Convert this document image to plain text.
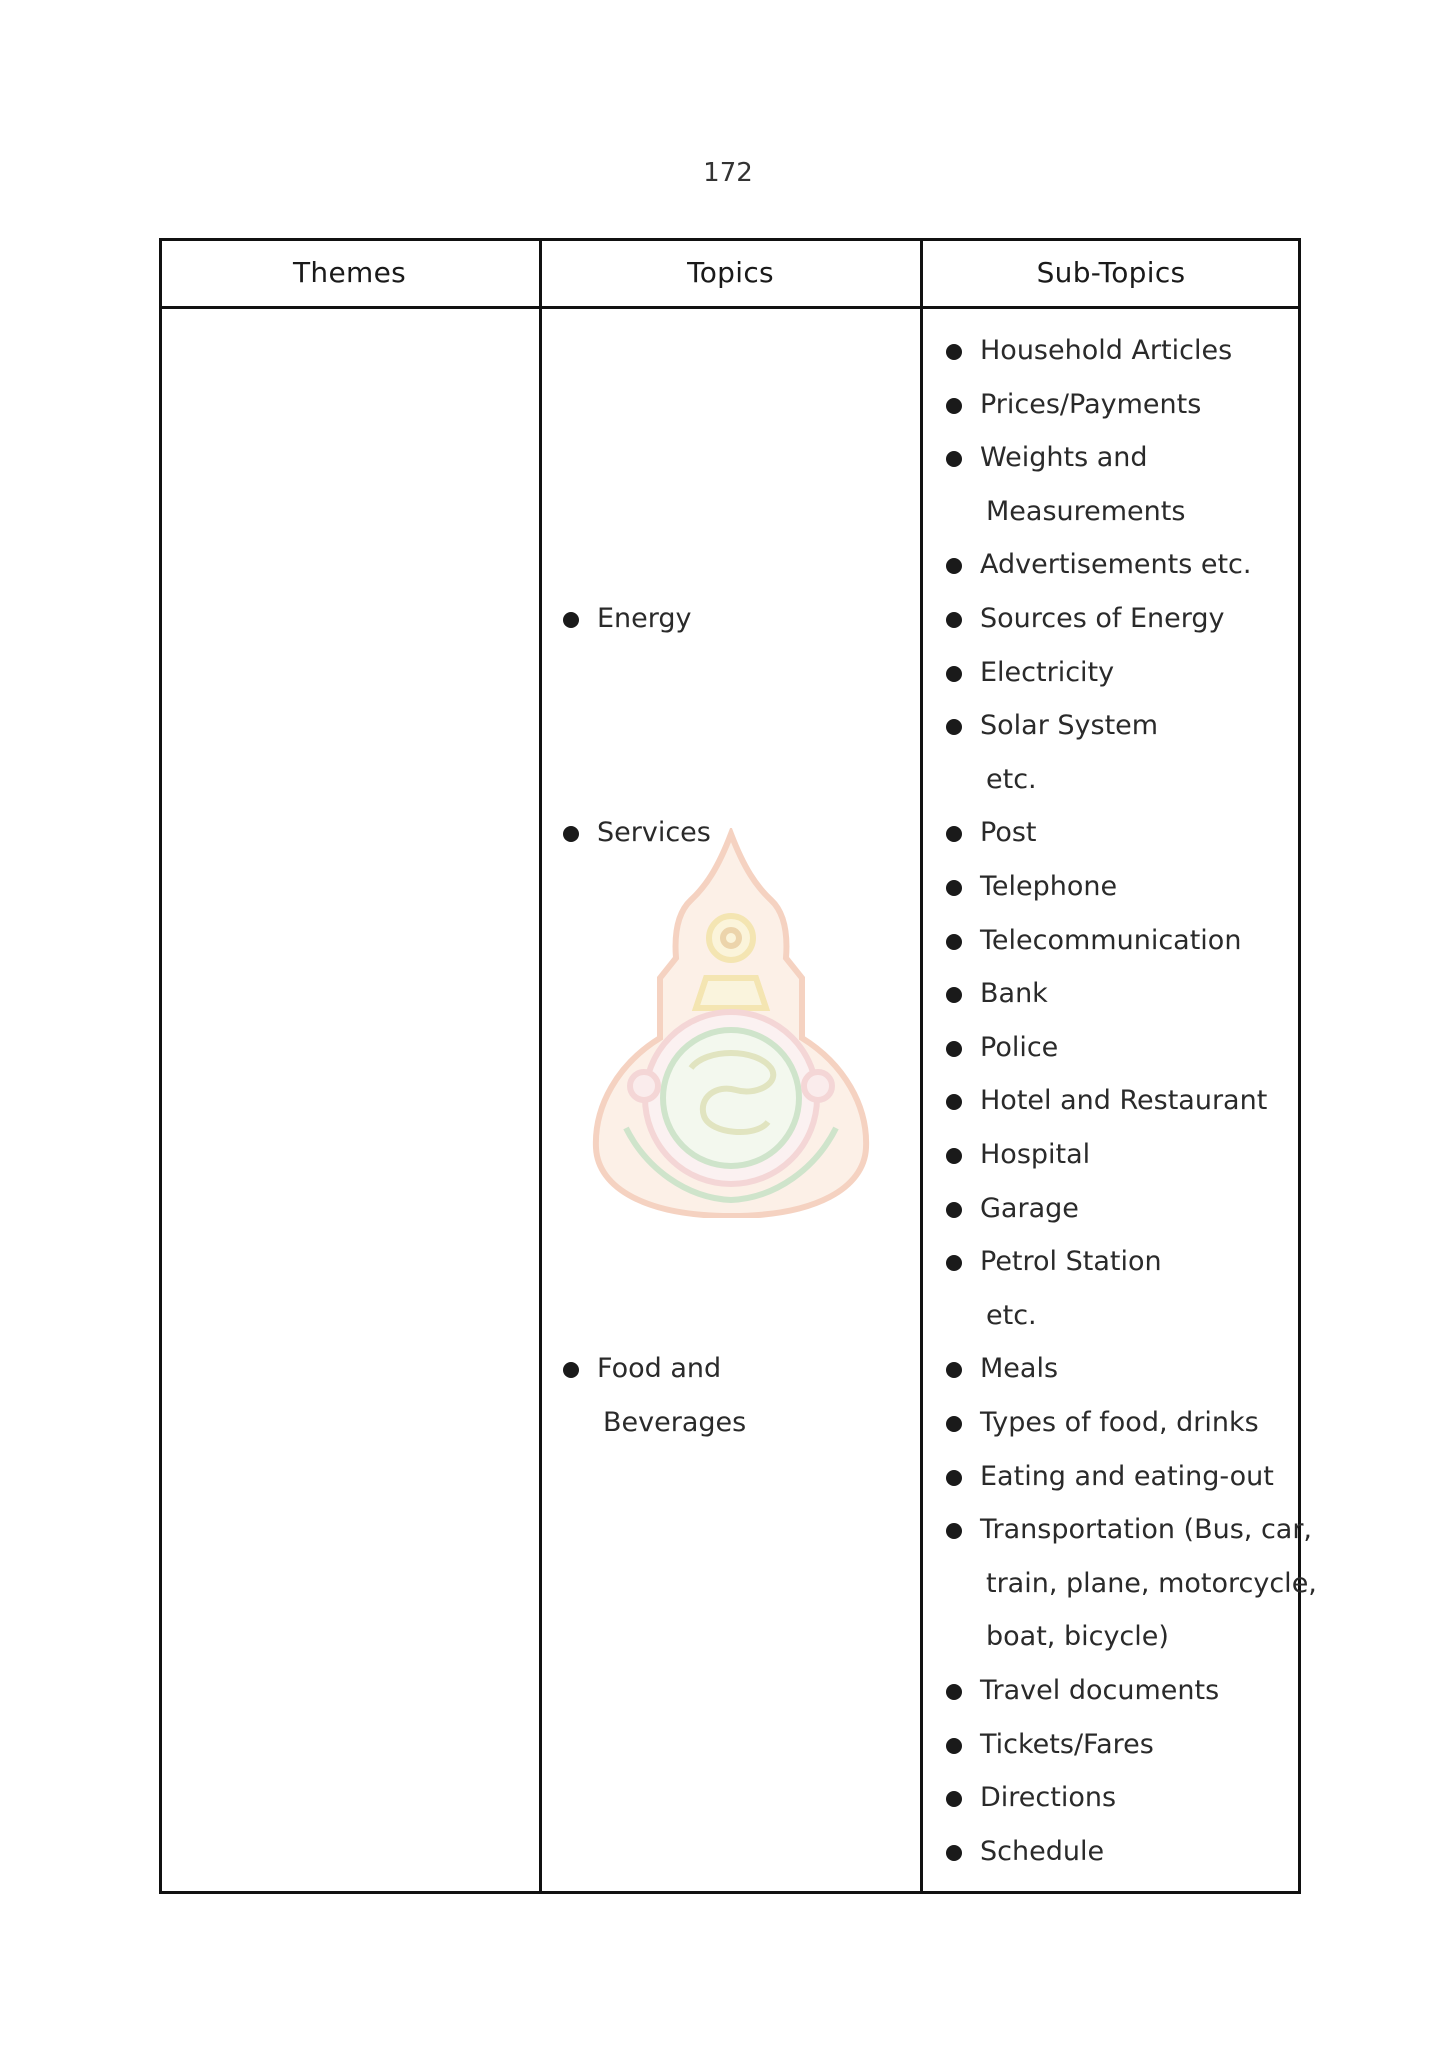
172
Themes	Topics	Sub-Topics
Energy
Services
Food and
Beverages
Household Articles
Prices/Payments
Weights and
Measurements
Advertisements etc.
Sources of Energy
Electricity
Solar System
etc.
Post
Telephone
Telecommunication
Bank
Police
Hotel and Restaurant
Hospital
Garage
Petrol Station
etc.
Meals
Types of food, drinks
Eating and eating-out
Transportation (Bus, car,
train, plane, motorcycle,
boat, bicycle)
Travel documents
Tickets/Fares
Directions
Schedule
